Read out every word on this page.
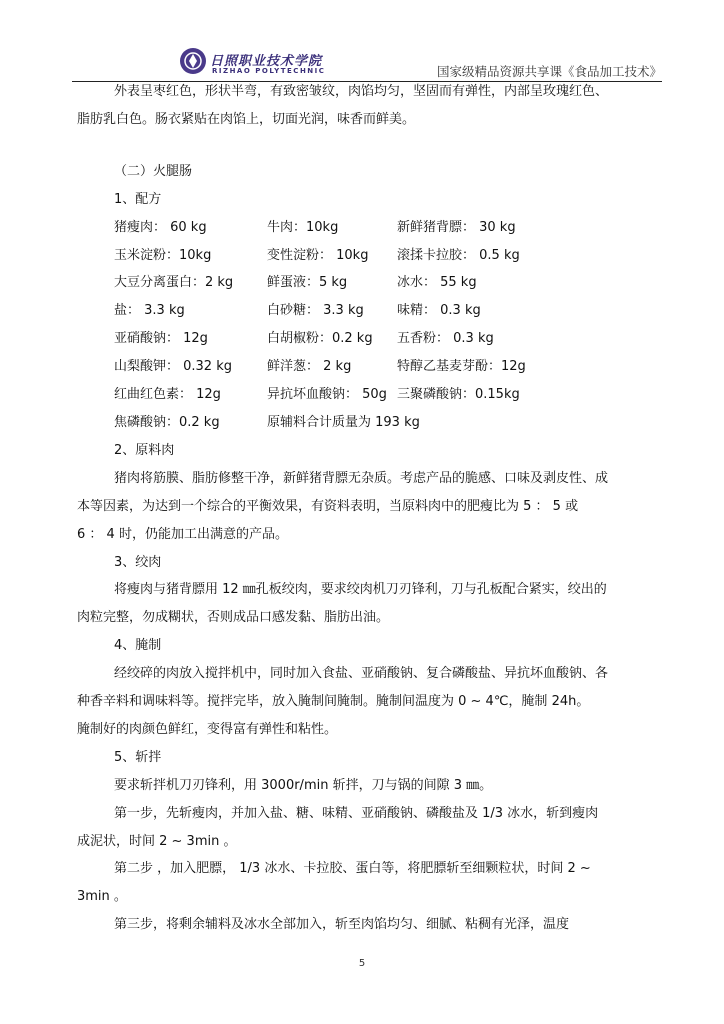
日照职业技术学院
RIZHAO POLYTECHNIC	国家级精品资源共享课《食品加工技术》

外表呈枣红色，形状半弯，有致密皱纹，肉馅均匀，坚固而有弹性，内部呈玫瑰红色、

脂肪乳白色。肠衣紧贴在肉馅上，切面光润，味香而鲜美。

（二）火腿肠

1、配方

猪瘦肉： 60 kg	牛肉：10kg	新鲜猪背膘： 30 kg
玉米淀粉：10kg	变性淀粉： 10kg	滚揉卡拉胶： 0.5 kg
大豆分离蛋白：2 kg	鲜蛋液：5 kg	冰水： 55 kg
盐： 3.3 kg	白砂糖： 3.3 kg	味精： 0.3 kg
亚硝酸钠： 12g	白胡椒粉：0.2 kg	五香粉： 0.3 kg
山梨酸钾： 0.32 kg	鲜洋葱： 2 kg	特醇乙基麦芽酚：12g
红曲红色素： 12g	异抗坏血酸钠： 50g 三聚磷酸钠：0.15kg
焦磷酸钠：0.2 kg	原辅料合计质量为 193 kg

2、原料肉

猪肉将筋膜、脂肪修整干净，新鲜猪背膘无杂质。考虑产品的脆感、口味及剥皮性、成

本等因素，为达到一个综合的平衡效果，有资料表明，当原料肉中的肥瘦比为 5 ： 5 或

6 ： 4 时，仍能加工出满意的产品。

3、绞肉

将瘦肉与猪背膘用 12 ㎜孔板绞肉，要求绞肉机刀刃锋利，刀与孔板配合紧实，绞出的

肉粒完整，勿成糊状，否则成品口感发黏、脂肪出油。

4、腌制

经绞碎的肉放入搅拌机中，同时加入食盐、亚硝酸钠、复合磷酸盐、异抗坏血酸钠、各

种香辛料和调味料等。搅拌完毕，放入腌制间腌制。腌制间温度为 0 ~ 4℃，腌制 24h。

腌制好的肉颜色鲜红，变得富有弹性和粘性。

5、斩拌

要求斩拌机刀刃锋利，用 3000r/min 斩拌，刀与锅的间隙 3 ㎜。

第一步，先斩瘦肉，并加入盐、糖、味精、亚硝酸钠、磷酸盐及 1/3 冰水，斩到瘦肉

成泥状，时间 2 ~ 3min 。

第二步 ，加入肥膘， 1/3 冰水、卡拉胶、蛋白等，将肥膘斩至细颗粒状，时间 2 ~

3min 。

第三步，将剩余辅料及冰水全部加入，斩至肉馅均匀、细腻、粘稠有光泽，温度

5
